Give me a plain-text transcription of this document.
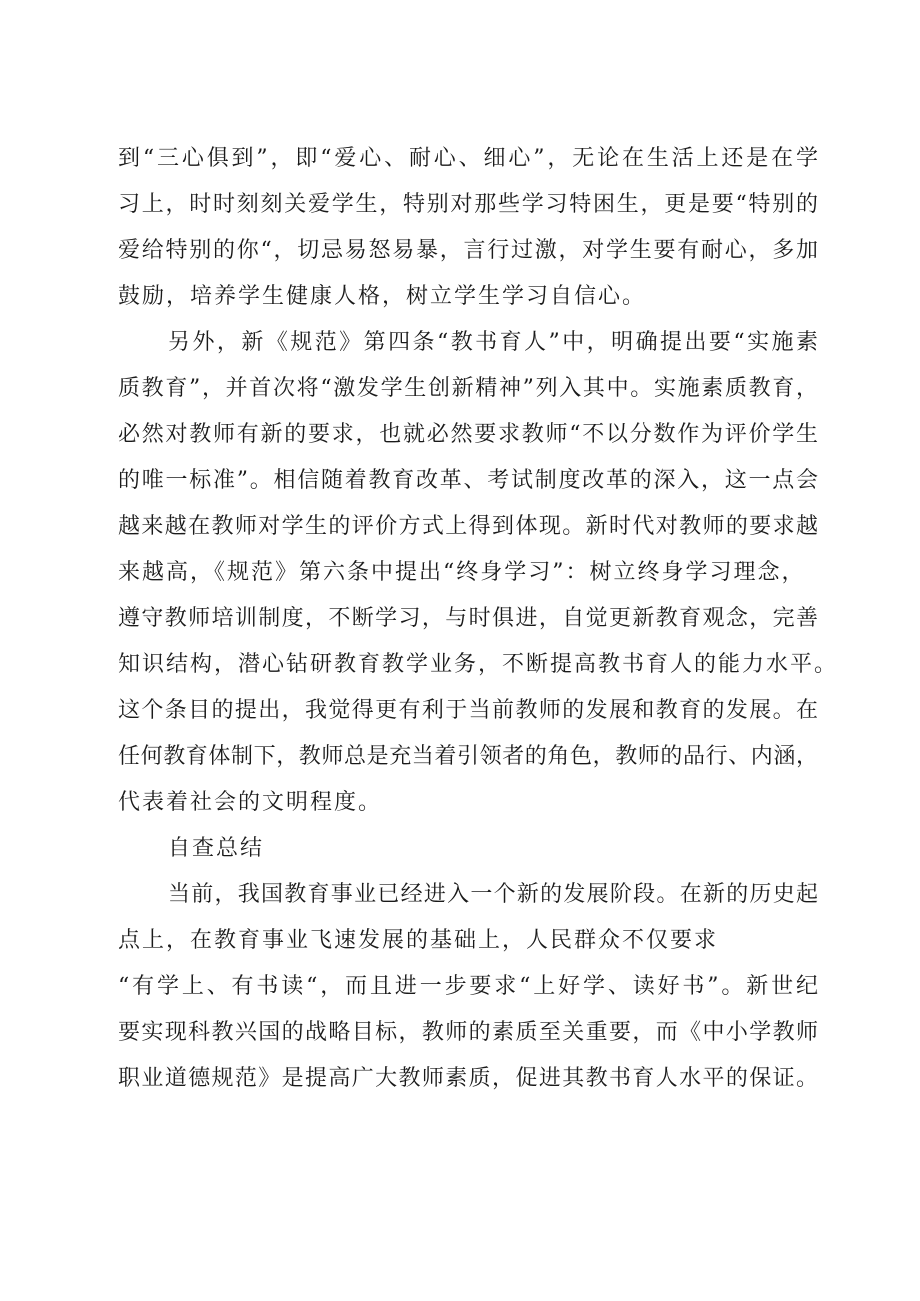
到“三心俱到”，即“爱心、耐心、细心”，无论在生活上还是在学
习上，时时刻刻关爱学生，特别对那些学习特困生，更是要“特别的
爱给特别的你“，切忌易怒易暴，言行过激，对学生要有耐心，多加
鼓励，培养学生健康人格，树立学生学习自信心。
另外，新《规范》第四条“教书育人”中，明确提出要“实施素
质教育”，并首次将“激发学生创新精神”列入其中。实施素质教育，
必然对教师有新的要求，也就必然要求教师“不以分数作为评价学生
的唯一标准”。相信随着教育改革、考试制度改革的深入，这一点会
越来越在教师对学生的评价方式上得到体现。新时代对教师的要求越
来越高，《规范》第六条中提出“终身学习”：树立终身学习理念，
遵守教师培训制度，不断学习，与时俱进，自觉更新教育观念，完善
知识结构，潜心钻研教育教学业务，不断提高教书育人的能力水平。
这个条目的提出，我觉得更有利于当前教师的发展和教育的发展。在
任何教育体制下，教师总是充当着引领者的角色，教师的品行、内涵，
代表着社会的文明程度。
自查总结
当前，我国教育事业已经进入一个新的发展阶段。在新的历史起
点上，在教育事业飞速发展的基础上，人民群众不仅要求
“有学上、有书读“，而且进一步要求“上好学、读好书”。新世纪
要实现科教兴国的战略目标，教师的素质至关重要，而《中小学教师
职业道德规范》是提高广大教师素质，促进其教书育人水平的保证。
